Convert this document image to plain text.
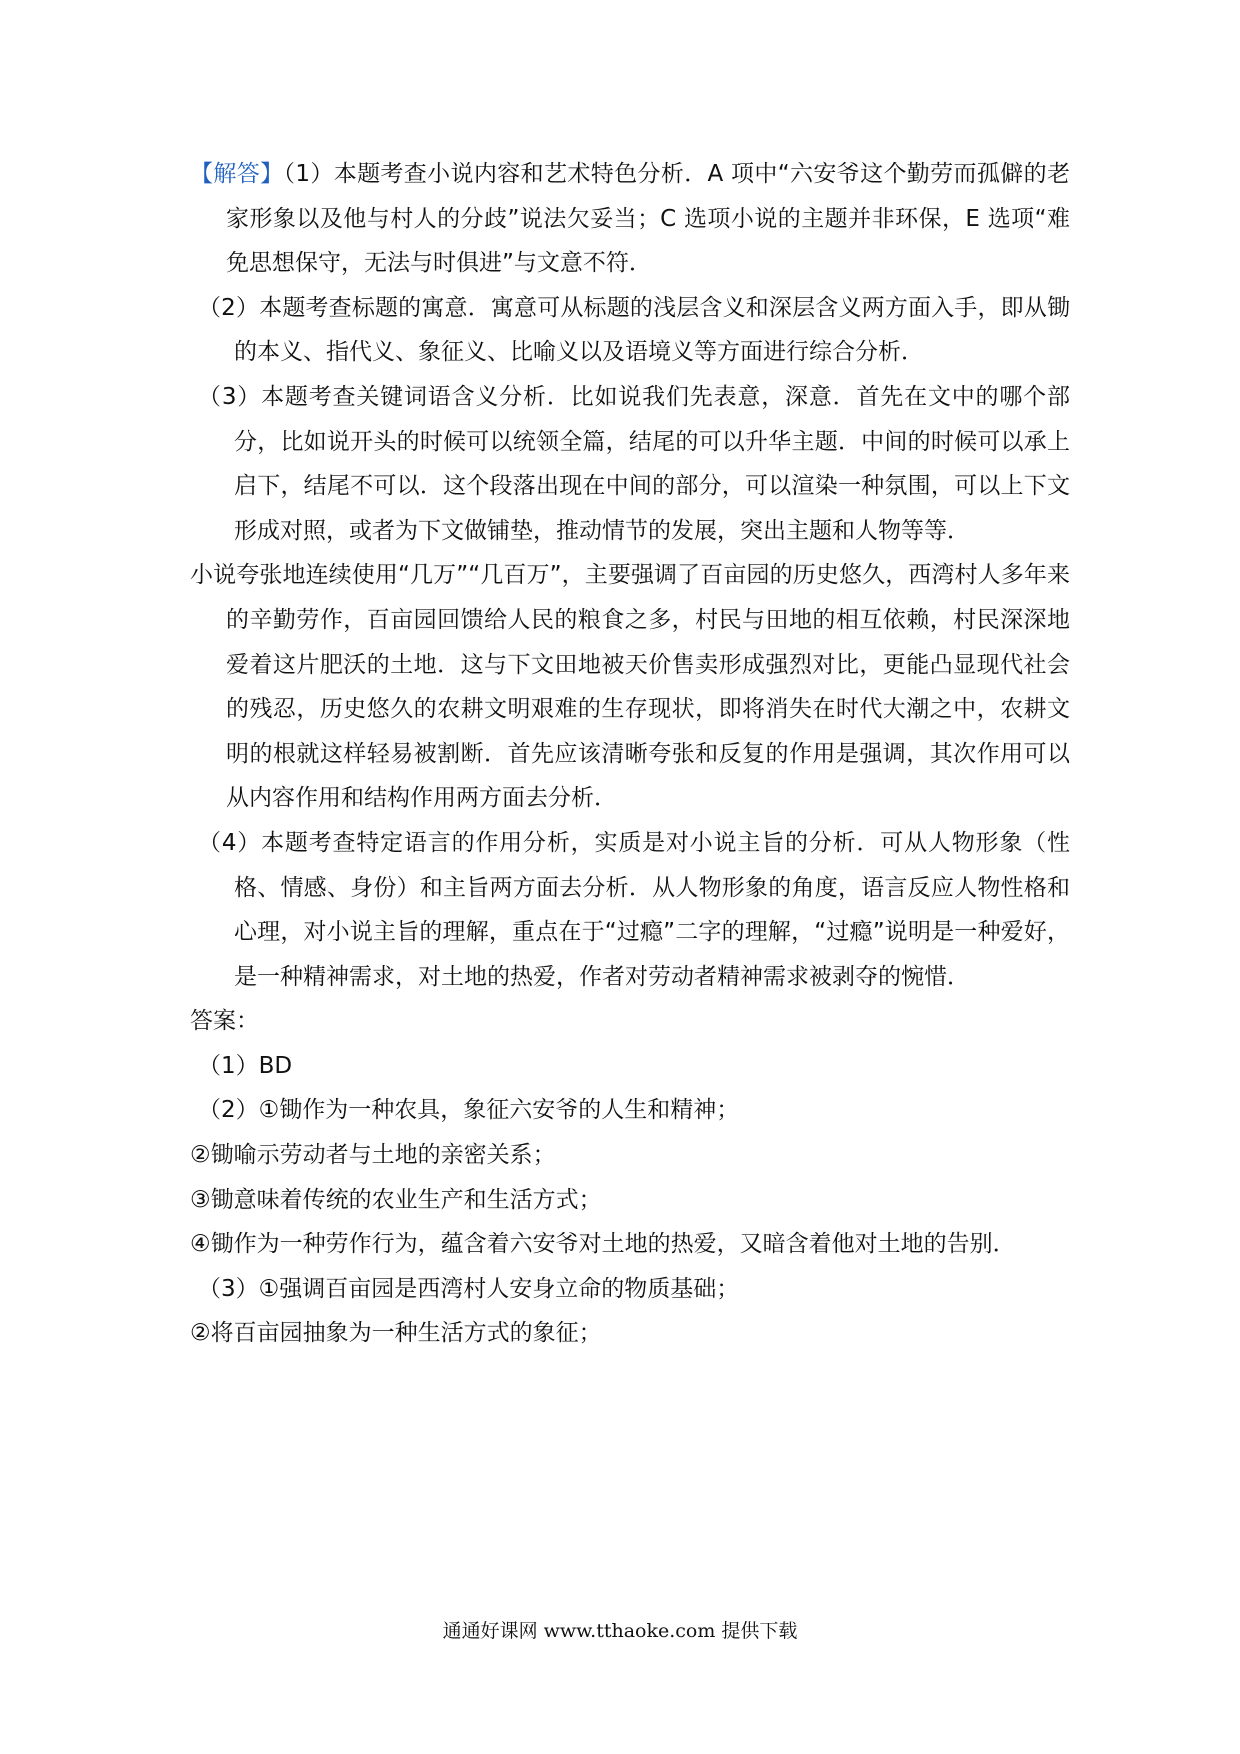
【解答】（1）本题考查小说内容和艺术特色分析．A 项中“六安爷这个勤劳而孤僻的老家形象以及他与村人的分歧”说法欠妥当；C 选项小说的主题并非环保，E 选项“难免思想保守，无法与时俱进”与文意不符．

（2）本题考查标题的寓意．寓意可从标题的浅层含义和深层含义两方面入手，即从锄的本义、指代义、象征义、比喻义以及语境义等方面进行综合分析．

（3）本题考查关键词语含义分析．比如说我们先表意，深意．首先在文中的哪个部分，比如说开头的时候可以统领全篇，结尾的可以升华主题．中间的时候可以承上启下，结尾不可以．这个段落出现在中间的部分，可以渲染一种氛围，可以上下文形成对照，或者为下文做铺垫，推动情节的发展，突出主题和人物等等．

小说夸张地连续使用“几万”“几百万”，主要强调了百亩园的历史悠久，西湾村人多年来的辛勤劳作，百亩园回馈给人民的粮食之多，村民与田地的相互依赖，村民深深地爱着这片肥沃的土地．这与下文田地被天价售卖形成强烈对比，更能凸显现代社会的残忍，历史悠久的农耕文明艰难的生存现状，即将消失在时代大潮之中，农耕文明的根就这样轻易被割断．首先应该清晰夸张和反复的作用是强调，其次作用可以从内容作用和结构作用两方面去分析．

（4）本题考查特定语言的作用分析，实质是对小说主旨的分析．可从人物形象（性格、情感、身份）和主旨两方面去分析．从人物形象的角度，语言反应人物性格和心理，对小说主旨的理解，重点在于“过瘾”二字的理解，“过瘾”说明是一种爱好，是一种精神需求，对土地的热爱，作者对劳动者精神需求被剥夺的惋惜．

答案：

（1）BD

（2）①锄作为一种农具，象征六安爷的人生和精神；

②锄喻示劳动者与土地的亲密关系；

③锄意味着传统的农业生产和生活方式；

④锄作为一种劳作行为，蕴含着六安爷对土地的热爱，又暗含着他对土地的告别．

（3）①强调百亩园是西湾村人安身立命的物质基础；

②将百亩园抽象为一种生活方式的象征；

通通好课网 www.tthaoke.com 提供下载
